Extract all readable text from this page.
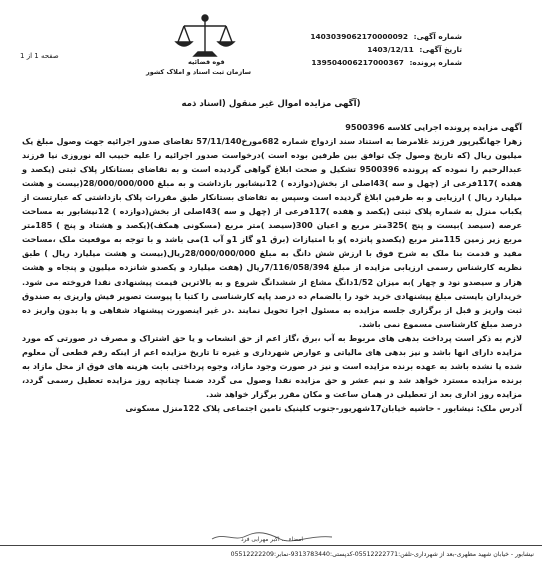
شماره آگهی: 1403039062170000092
تاریخ آگهی: 1403/12/11
شماره پرونده: 139504006217000367
قوه قضائیه
سازمان ثبت اسناد و املاک کشور
صفحه 1 از 1
(آگهی مزایده اموال غیر منقول (اسناد ذمه

آگهی مزایده پرونده اجرایی کلاسه 9500396

زهرا جهانگیرپور فرزند غلامرضا به استناد سند ازدواج شماره 682مورخ57/11/140 تقاضای صدور اجرائیه جهت وصول مبلغ یک میلیون ریال (که تاریخ وصول چک توافق بین طرفین بوده است )درخواست صدور اجرائیه را علیه حبیب اله نوروزی نیا فرزند عبدالرحیم را نموده که پرونده 9500396 تشکیل و صحت ابلاغ گواهی گردیده است و به تقاضای بستانکار پلاک ثبتی (یکصد و هفده )117فرعی از (چهل و سه )43اصلی از بخش(دوازده ) 12نیشابور بازداشت و به مبلغ 28/000/000/000(بیست و هشت میلیارد ریال ) ارزیابی و به طرفین ابلاغ گردیده است وسپس به تقاضای بستانکار طبق مقررات پلاک بازداشتی که عبارتست از یکباب منزل به شماره پلاک ثبتی (یکصد و هفده )117فرعی از (چهل و سه )43اصلی از بخش(دوازده ) 12نیشابور به مساحت عرصه (سیصد )بیست و پنج )325متر مربع و اعیان 300(سیصد )متر مربع (مسکونی همکف)(یکصد و هشتاد و پنج ) 185متر مربع زیر زمین 115متر مربع (یکصدو پانزده )و با امتیازات (برق 1و گاز 1و آب 1)می باشد و با توجه به موقعیت ملک ،مساحت مفید و قدمت بنا ملک به شرح فوق با ارزش شش دانگ به مبلغ 28/000/000/000ریال(بیست و هشت میلیارد ریال ) طبق نظریه کارشناس رسمی ارزیابی مزایده از مبلغ 7/116/058/394ریال (هفت میلیارد و یکصدو شانزده میلیون و پنجاه و هشت هزار و سیصدو نود و چهار )به میزان 1/52دانگ مشاع از ششدانگ شروع و به بالاترین قیمت پیشنهادی نقدا فروخته می شود. خریداران بایستی مبلغ پیشنهادی خرید خود را بالضمام ده درصد پایه کارشناسی را کتبا با پیوست تصویر فیش واریزی به صندوق ثبت واریز و قبل از برگزاری جلسه مزایده به مسئول اجرا تحویل نمایند .در غیر اینصورت پیشنهاد شفاهی و یا بدون واریز ده درصد مبلغ کارشناسی مسموع نمی باشد.

لازم به ذکر است پرداخت بدهی های مربوط به آب ،برق ،گاز اعم از حق انشعاب و یا حق اشتراک و مصرف در صورتی که مورد مزایده دارای انها باشد و نیز بدهی های مالیاتی و عوارض شهرداری و غیره تا تاریخ مزایده اعم از اینکه رقم قطعی آن معلوم شده یا نشده باشد به عهده برنده مزایده است و نیز در صورت وجود مازاد، وجوه پرداختی بابت هزینه های فوق از محل مازاد به برنده مزایده مسترد خواهد شد و نیم عشر و حق مزایده نقدا وصول می گردد ضمنا چنانچه روز مزایده تعطیل رسمی گردد، مزایده روز اداری بعد از تعطیلی در همان ساعت و مکان مقرر برگزار خواهد شد.

آدرس ملک: نیشابور - حاشیه خیابان17شهریور-جنوب کلینیک تامین اجتماعی پلاک 122منزل مسکونی

امضاء ... اکبر مهرابی فرد
نیشابور - خیابان شهید مطهری-بعد از شهرداری-تلفن:05512222771-کدپستی:9313783440-نمابر:05512222209
